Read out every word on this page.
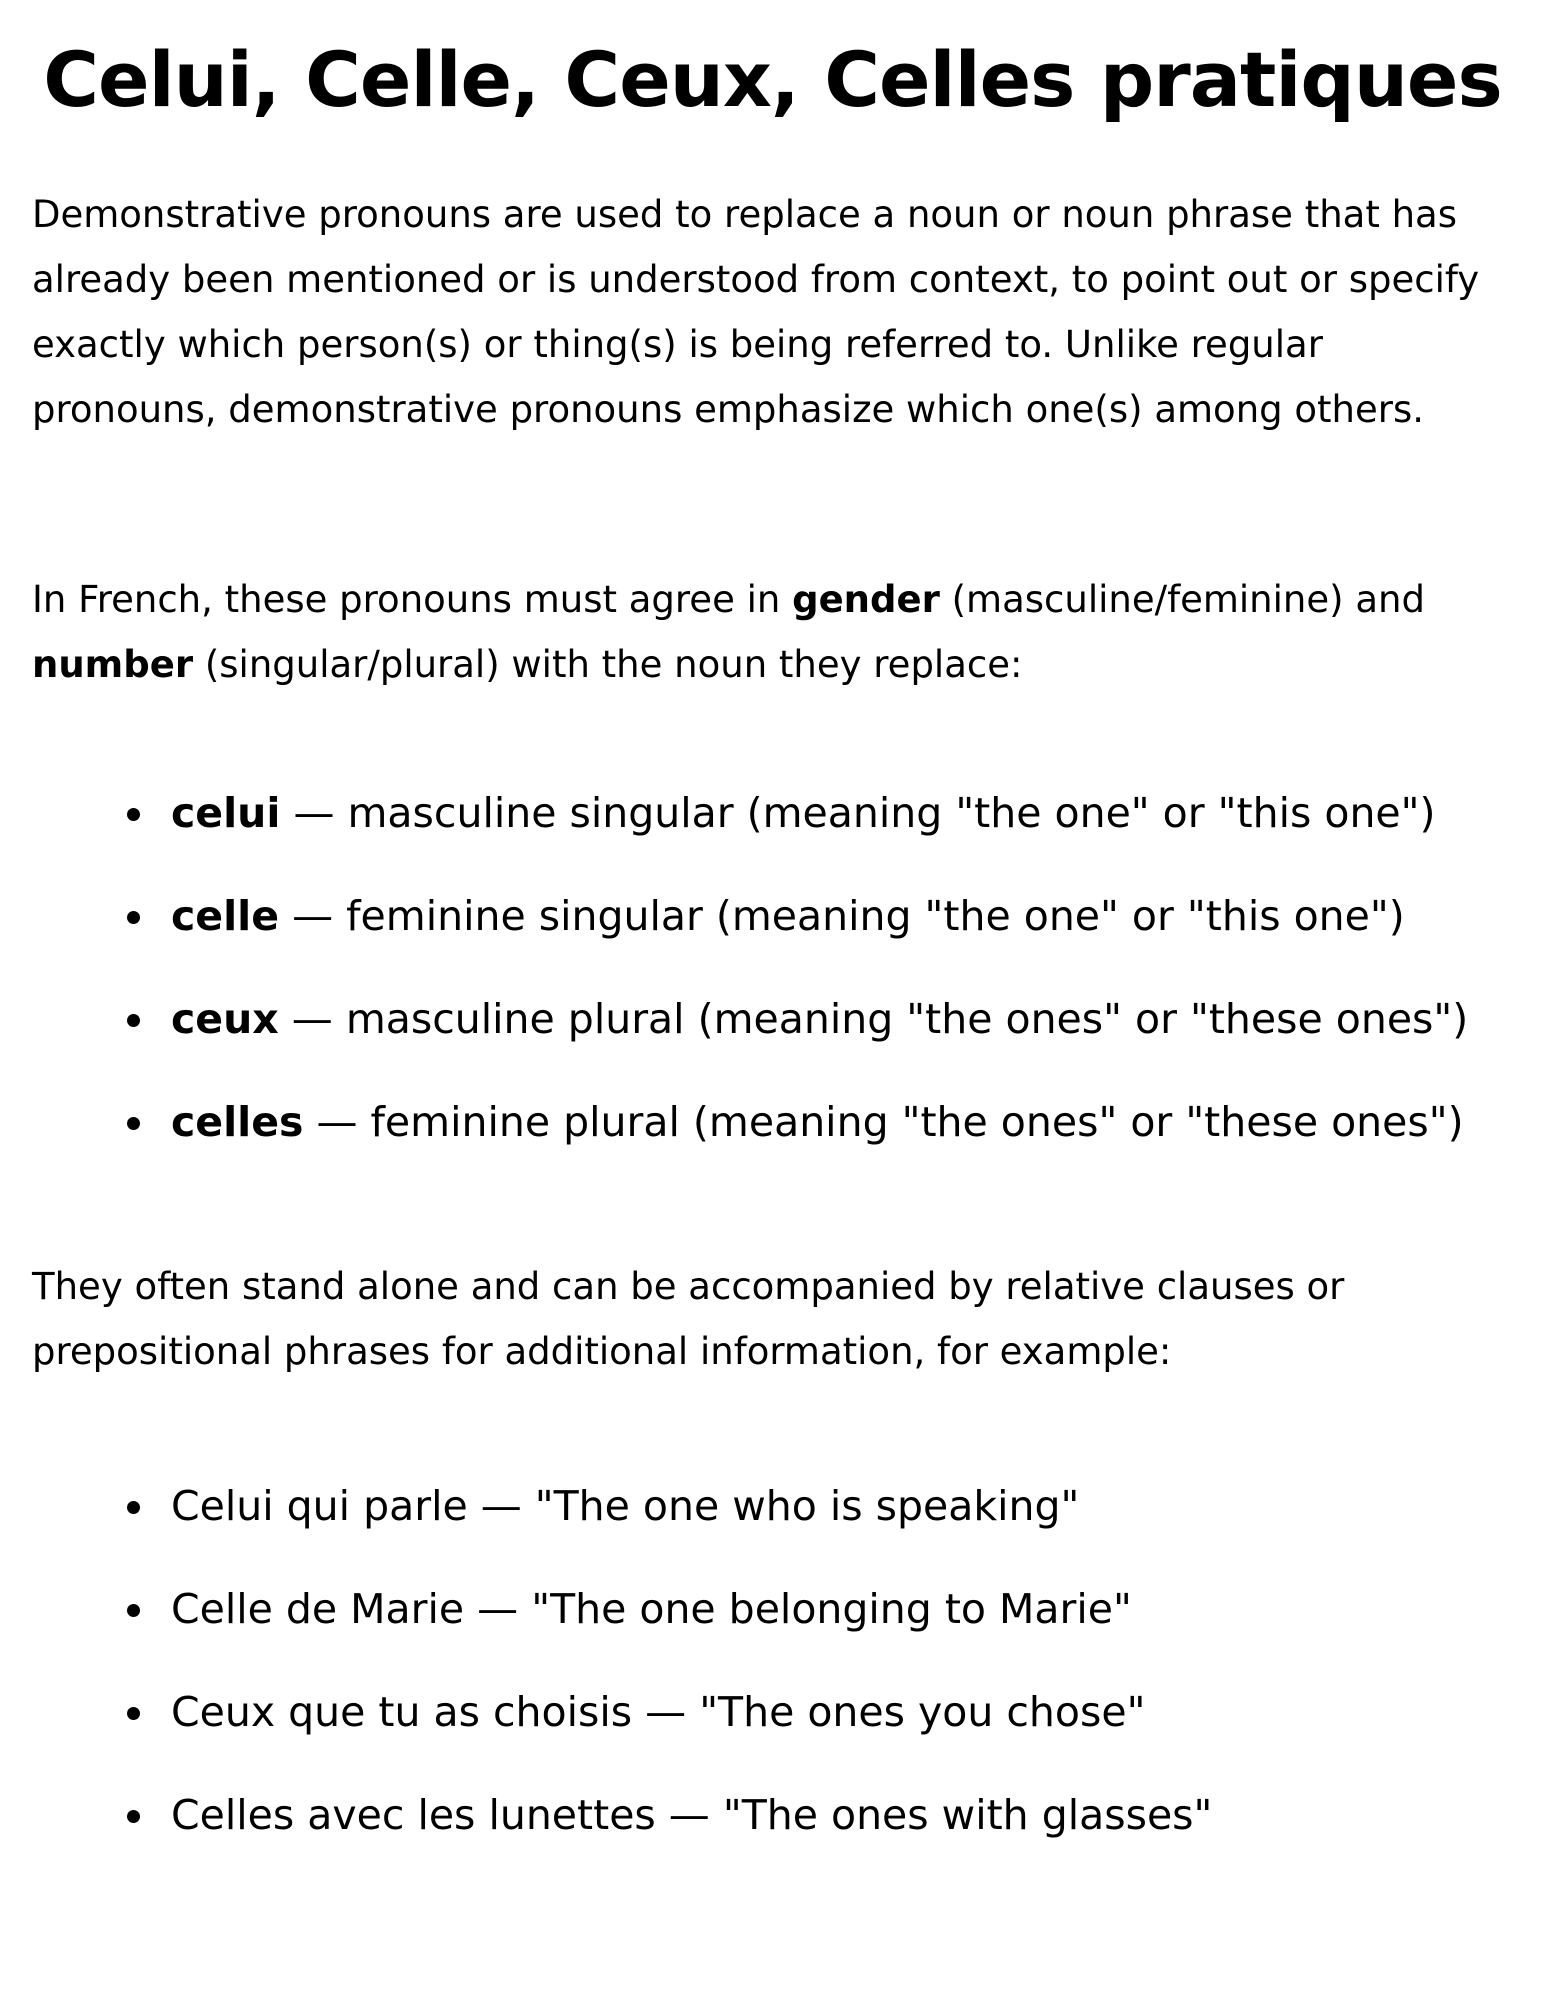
Celui, Celle, Ceux, Celles pratiques

Demonstrative pronouns are used to replace a noun or noun phrase that has already been mentioned or is understood from context, to point out or specify exactly which person(s) or thing(s) is being referred to. Unlike regular pronouns, demonstrative pronouns emphasize which one(s) among others.

In French, these pronouns must agree in gender (masculine/feminine) and number (singular/plural) with the noun they replace:

celui — masculine singular (meaning "the one" or "this one")
celle — feminine singular (meaning "the one" or "this one")
ceux — masculine plural (meaning "the ones" or "these ones")
celles — feminine plural (meaning "the ones" or "these ones")

They often stand alone and can be accompanied by relative clauses or prepositional phrases for additional information, for example:

Celui qui parle — "The one who is speaking"
Celle de Marie — "The one belonging to Marie"
Ceux que tu as choisis — "The ones you chose"
Celles avec les lunettes — "The ones with glasses"
